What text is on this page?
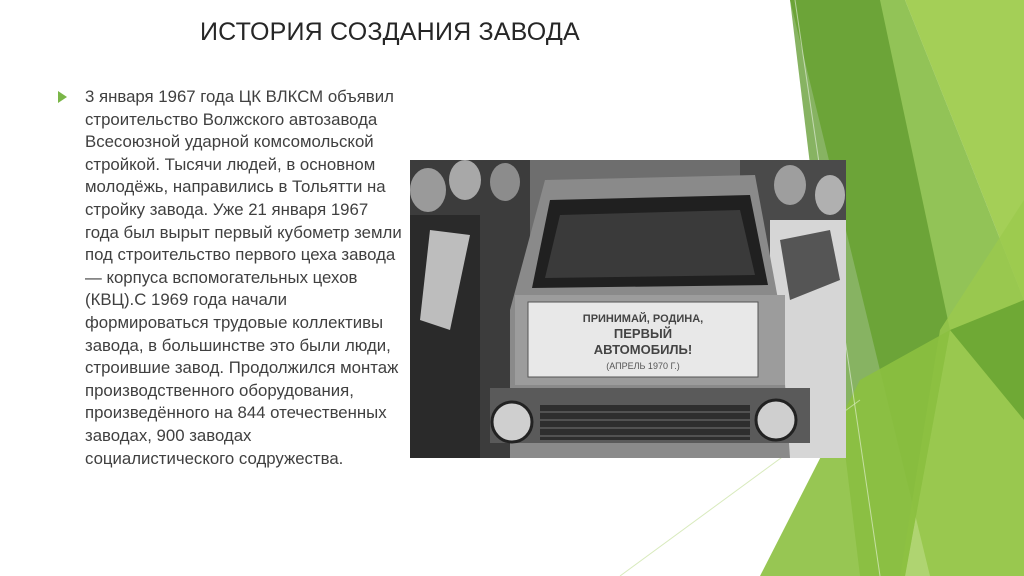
ИСТОРИЯ СОЗДАНИЯ ЗАВОДА
3 января 1967 года ЦК ВЛКСМ объявил строительство Волжского автозавода Всесоюзной ударной комсомольской стройкой. Тысячи людей, в основном молодёжь, направились в Тольятти на стройку завода. Уже 21 января 1967 года был вырыт первый кубометр земли под строительство первого цеха завода — корпуса вспомогательных цехов (КВЦ).С 1969 года начали формироваться трудовые коллективы завода, в большинстве это были люди, строившие завод. Продолжился монтаж производственного оборудования, произведённого на 844 отечественных заводах, 900 заводах социалистического содружества.
ПРИНИМАЙ, РОДИНА,
ПЕРВЫЙ
АВТОМОБИЛЬ!
(АПРЕЛЬ 1970 Г.)
